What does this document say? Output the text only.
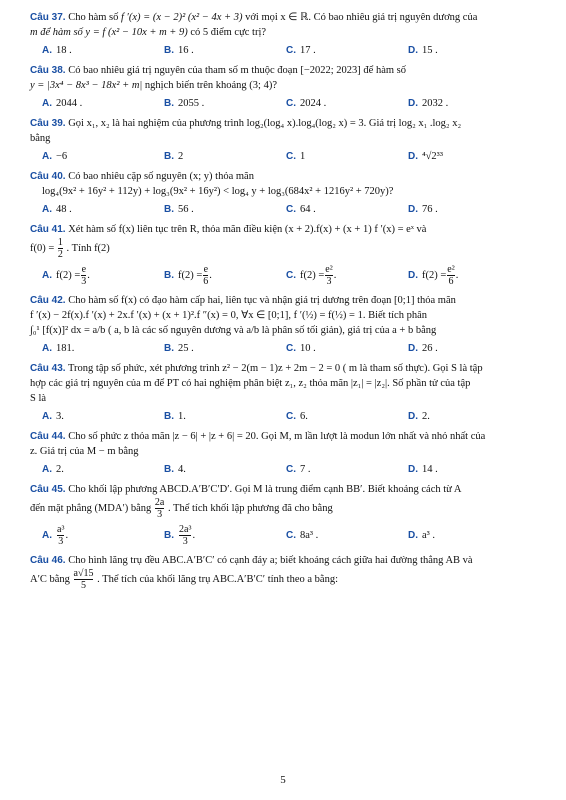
Câu 37. Cho hàm số f ′(x) = (x − 2)² (x² − 4x + 3) với mọi x ∈ ℝ. Có bao nhiêu giá trị nguyên dương của
m để hàm số y = f (x² − 10x + m + 9) có 5 điểm cực trị?
A. 18 .	B. 16 .	C. 17 .	D. 15 .
Câu 38. Có bao nhiêu giá trị nguyên của tham số m thuộc đoạn [−2022; 2023] để hàm số
y = |3x⁴ − 8x³ − 18x² + m| nghịch biến trên khoảng (3; 4)?
A. 2044 .	B. 2055 .	C. 2024 .	D. 2032 .
Câu 39. Gọi x₁, x₂ là hai nghiệm của phương trình log₂(log₄ x).log₄(log₂ x) = 3. Giá trị log₂ x₁ .log₂ x₂
bằng
A. −6	B. 2	C. 1	D. ⁴√2³³
Câu 40. Có bao nhiêu cặp số nguyên (x; y) thỏa mãn
log₄(9x² + 16y² + 112y) + log₃(9x² + 16y²) < log₄ y + log₃(684x² + 1216y² + 720y)?
A. 48 .	B. 56 .	C. 64 .	D. 76 .
Câu 41. Xét hàm số f(x) liên tục trên R, thỏa mãn điều kiện (x + 2).f(x) + (x + 1) f ′(x) = eˣ và
$f(0) = \frac{1}{2}$ . Tính f(2)
A. $f(2) = \frac{e}{3}$ .	B. $f(2) = \frac{e}{6}$ .	C. $f(2) = \frac{\text{e²}}{3}$ .	D. $f(2) = \frac{\text{e²}}{6}$ .
Câu 42. Cho hàm số f(x) có đạo hàm cấp hai, liên tục và nhận giá trị dương trên đoạn [0;1] thỏa mãn
f ′(x) − 2f(x).f ′(x) + 2x.f ′(x) + (x + 1)².f ″(x) = 0, ∀x ∈ [0;1], f ′(½) = f(½) = 1. Biết tích phân
∫₀¹ [f(x)]² dx = a/b ( a, b là các số nguyên dương và a/b là phân số tối giản), giá trị của a + b bằng
A. 181.	B. 25 .	C. 10 .	D. 26 .
Câu 43. Trong tập số phức, xét phương trình z² − 2(m − 1)z + 2m − 2 = 0 ( m là tham số thực). Gọi S là tập
hợp các giá trị nguyên của m để PT có hai nghiệm phân biệt z₁, z₂ thỏa mãn |z₁| = |z₂|. Số phần tử của tập
S là
A. 3.	B. 1.	C. 6.	D. 2.
Câu 44. Cho số phức z thỏa mãn |z − 6| + |z + 6| = 20. Gọi M, m lần lượt là modun lớn nhất và nhỏ nhất của
z. Giá trị của M − m bằng
A. 2.	B. 4.	C. 7 .	D. 14 .
Câu 45. Cho khối lập phương ABCD.A′B′C′D′. Gọi M là trung điểm cạnh BB′. Biết khoảng cách từ A
đến mặt phẳng (MDA′) bằng $\frac{2a}{3}$ . Thể tích khối lập phương đã cho bằng
A. $\frac{\text{a³}}{3}$ .	B. $\frac{\text{2a³}}{3}$ .	C. 8a³ .	D. a³ .
Câu 46. Cho hình lăng trụ đều ABC.A′B′C′ có cạnh đáy a; biết khoảng cách giữa hai đường thẳng AB và
A′C bằng $\frac{a√15}{5}$ . Thể tích của khối lăng trụ ABC.A′B′C′ tính theo a bằng:
5
